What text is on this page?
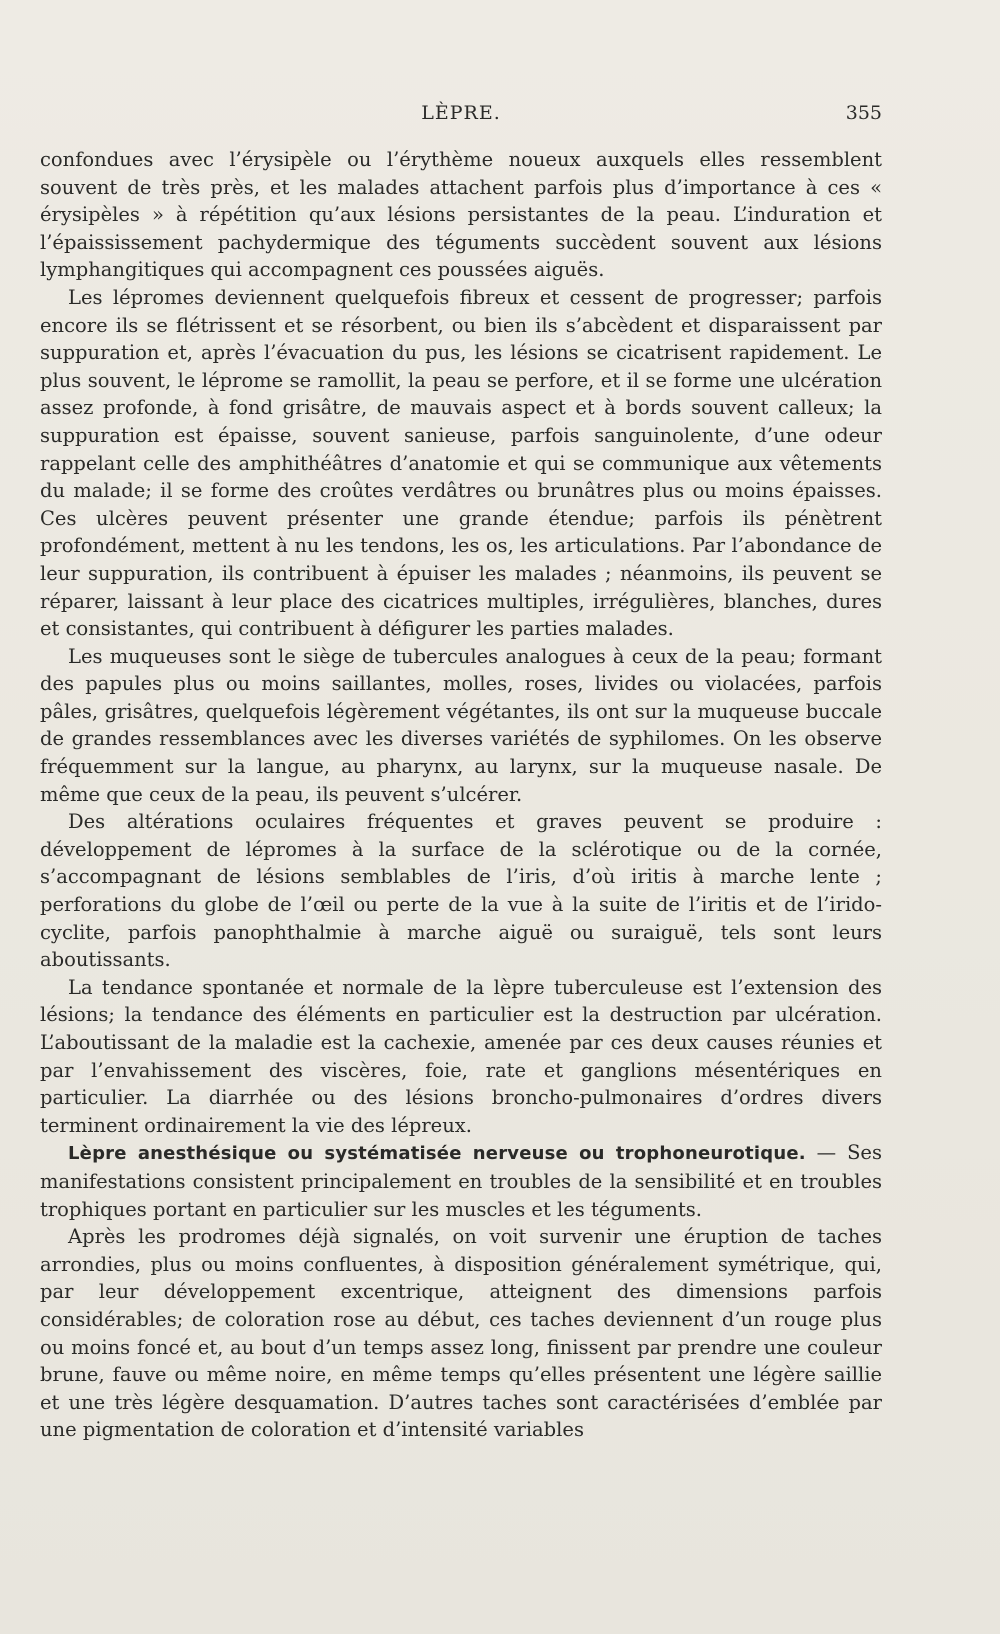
LÈPRE.	355

confondues avec l’érysipèle ou l’érythème noueux auxquels elles ressemblent souvent de très près, et les malades attachent parfois plus d’importance à ces « érysipèles » à répétition qu’aux lésions persistantes de la peau. L’induration et l’épaississement pachydermique des téguments succèdent souvent aux lésions lymphangitiques qui accompagnent ces poussées aiguës.

Les lépromes deviennent quelquefois fibreux et cessent de progresser; parfois encore ils se flétrissent et se résorbent, ou bien ils s’abcèdent et disparaissent par suppuration et, après l’évacuation du pus, les lésions se cicatrisent rapidement. Le plus souvent, le léprome se ramollit, la peau se perfore, et il se forme une ulcération assez profonde, à fond grisâtre, de mauvais aspect et à bords souvent calleux; la suppuration est épaisse, souvent sanieuse, parfois sanguinolente, d’une odeur rappelant celle des amphithéâtres d’anatomie et qui se communique aux vêtements du malade; il se forme des croûtes verdâtres ou brunâtres plus ou moins épaisses. Ces ulcères peuvent présenter une grande étendue; parfois ils pénètrent profondément, mettent à nu les tendons, les os, les articulations. Par l’abondance de leur suppuration, ils contribuent à épuiser les malades ; néanmoins, ils peuvent se réparer, laissant à leur place des cicatrices multiples, irrégulières, blanches, dures et consistantes, qui contribuent à défigurer les parties malades.

Les muqueuses sont le siège de tubercules analogues à ceux de la peau; formant des papules plus ou moins saillantes, molles, roses, livides ou violacées, parfois pâles, grisâtres, quelquefois légèrement végétantes, ils ont sur la muqueuse buccale de grandes ressemblances avec les diverses variétés de syphilomes. On les observe fréquemment sur la langue, au pharynx, au larynx, sur la muqueuse nasale. De même que ceux de la peau, ils peuvent s’ulcérer.

Des altérations oculaires fréquentes et graves peuvent se produire : développement de lépromes à la surface de la sclérotique ou de la cornée, s’accompagnant de lésions semblables de l’iris, d’où iritis à marche lente ; perforations du globe de l’œil ou perte de la vue à la suite de l’iritis et de l’irido-cyclite, parfois panophthalmie à marche aiguë ou suraiguë, tels sont leurs aboutissants.

La tendance spontanée et normale de la lèpre tuberculeuse est l’extension des lésions; la tendance des éléments en particulier est la destruction par ulcération. L’aboutissant de la maladie est la cachexie, amenée par ces deux causes réunies et par l’envahissement des viscères, foie, rate et ganglions mésentériques en particulier. La diarrhée ou des lésions broncho-pulmonaires d’ordres divers terminent ordinairement la vie des lépreux.

Lèpre anesthésique ou systématisée nerveuse ou trophoneurotique. — Ses manifestations consistent principalement en troubles de la sensibilité et en troubles trophiques portant en particulier sur les muscles et les téguments.

Après les prodromes déjà signalés, on voit survenir une éruption de taches arrondies, plus ou moins confluentes, à disposition généralement symétrique, qui, par leur développement excentrique, atteignent des dimensions parfois considérables; de coloration rose au début, ces taches deviennent d’un rouge plus ou moins foncé et, au bout d’un temps assez long, finissent par prendre une couleur brune, fauve ou même noire, en même temps qu’elles présentent une légère saillie et une très légère desquamation. D’autres taches sont caractérisées d’emblée par une pigmentation de coloration et d’intensité variables
